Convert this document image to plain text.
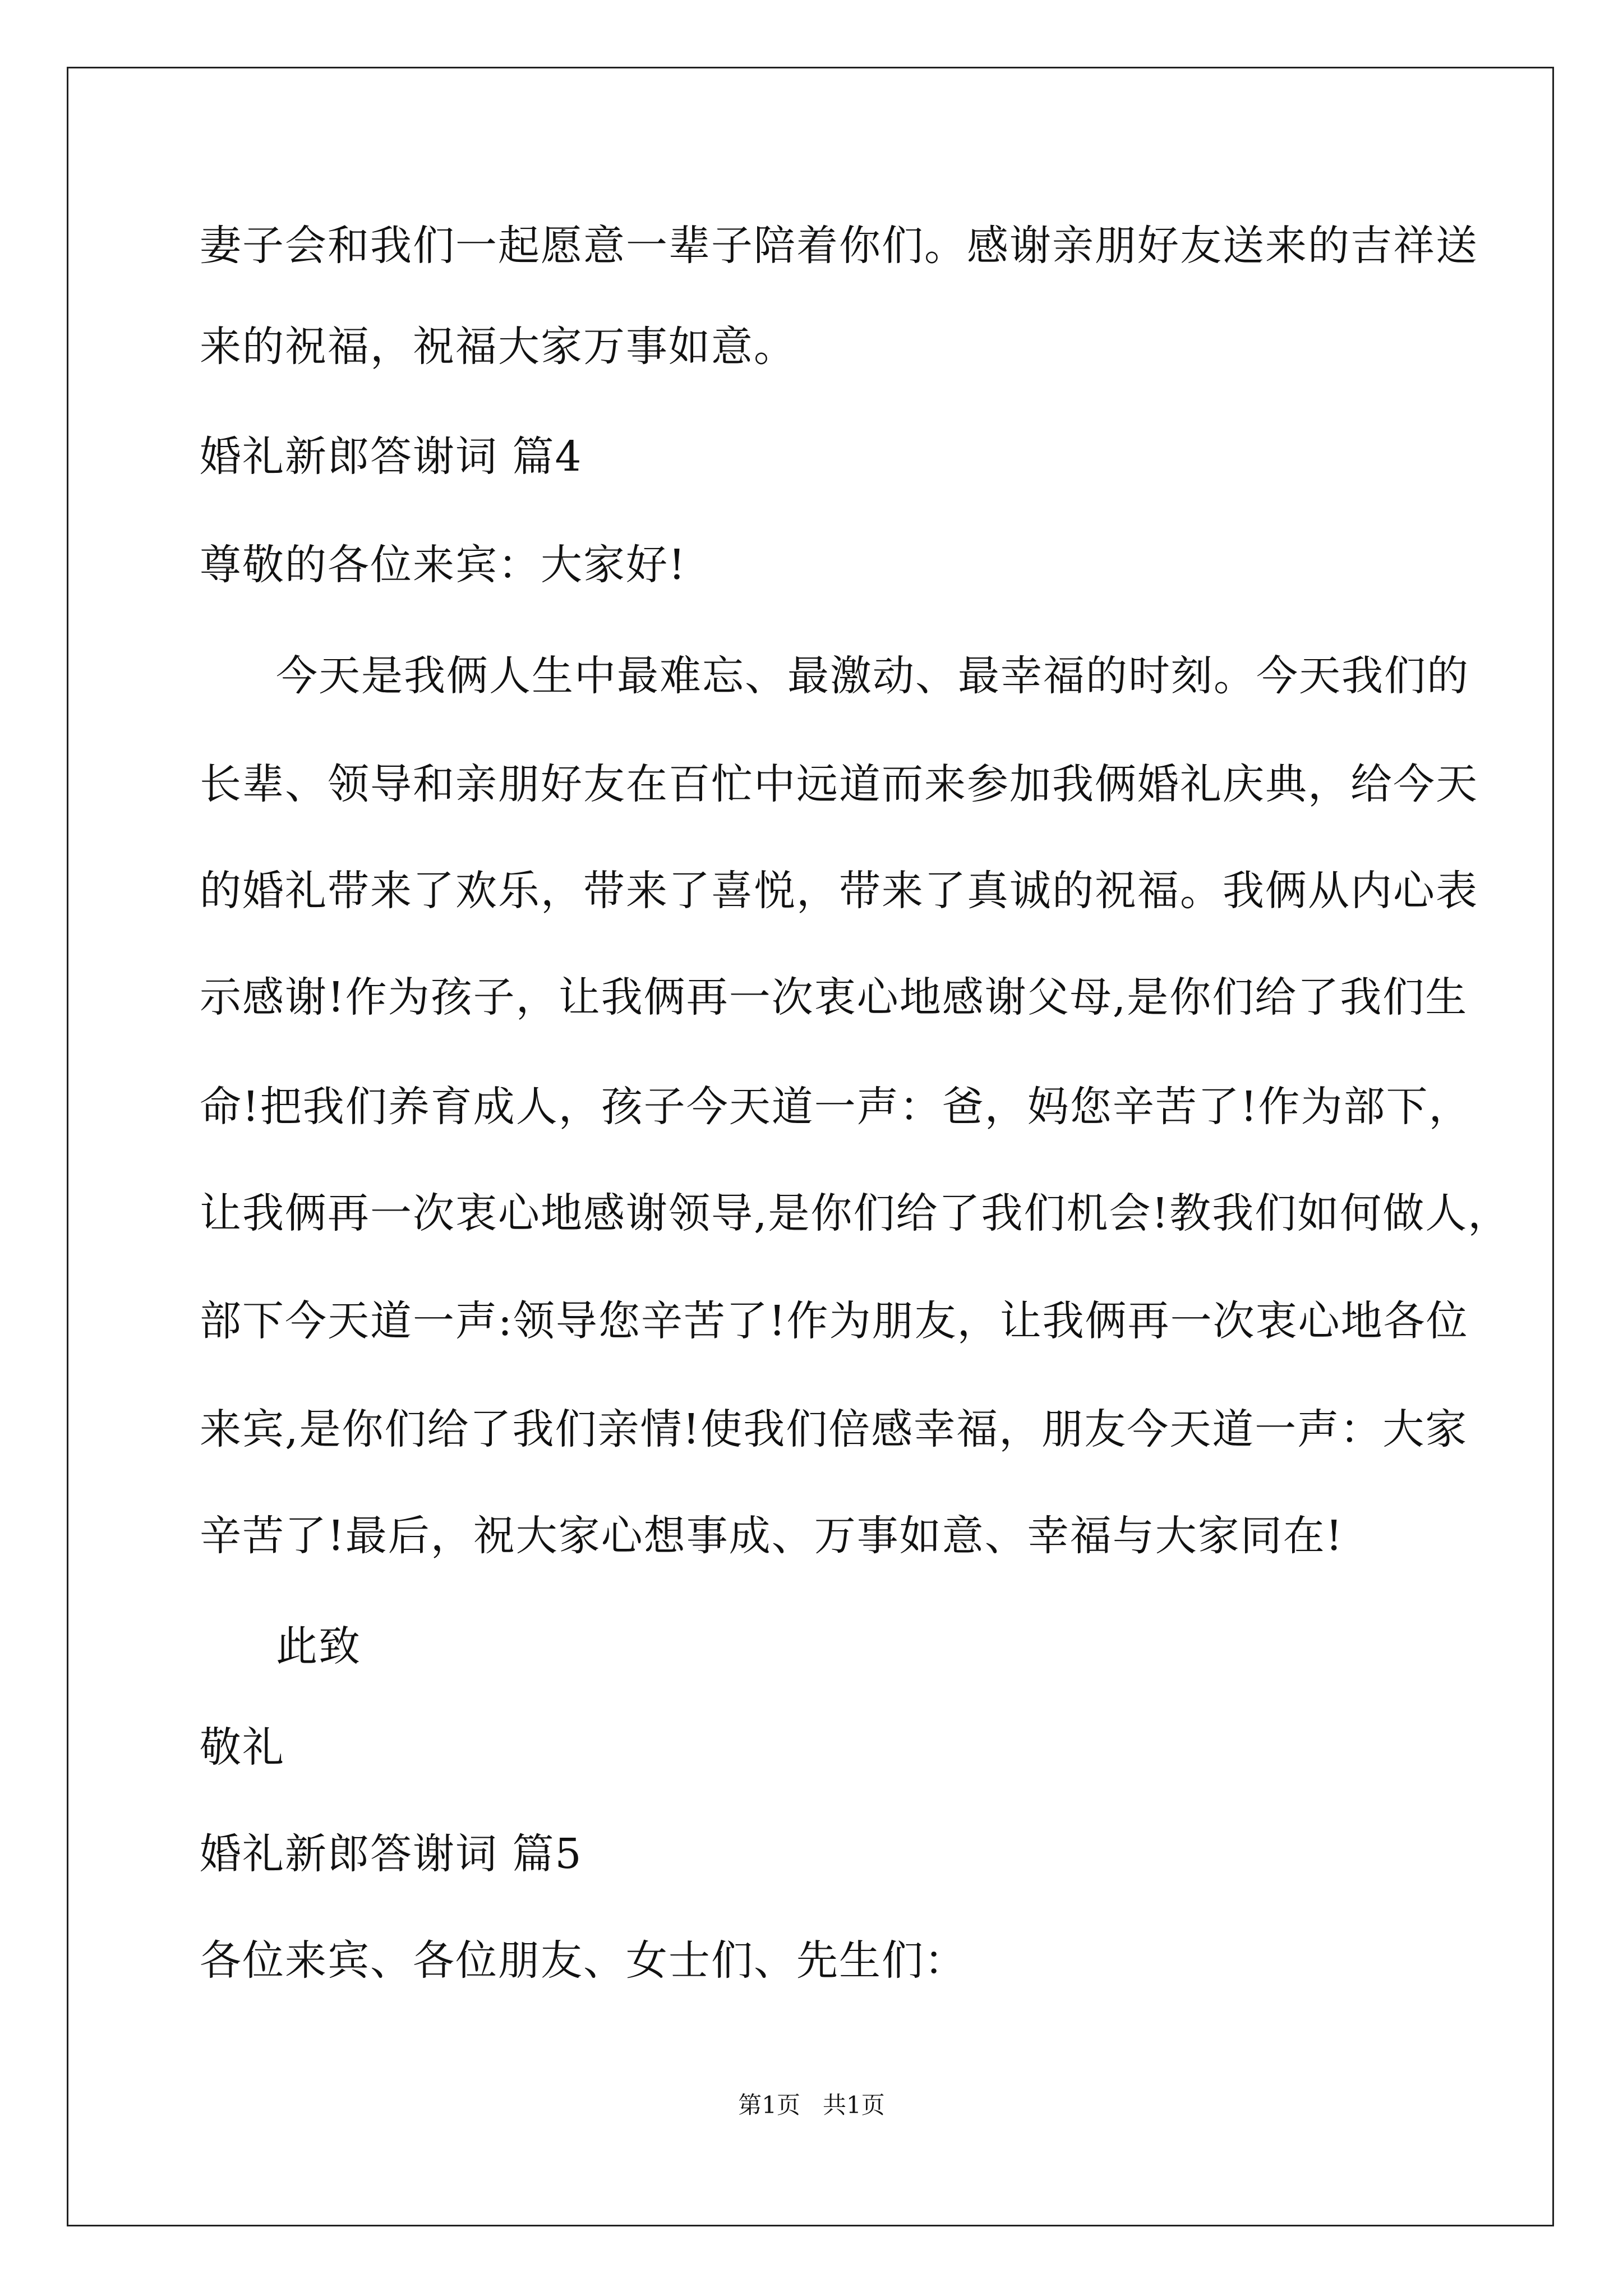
妻子会和我们一起愿意一辈子陪着你们。感谢亲朋好友送来的吉祥送
来的祝福，祝福大家万事如意。
婚礼新郎答谢词 篇4
尊敬的各位来宾：大家好!
今天是我俩人生中最难忘、最激动、最幸福的时刻。今天我们的
长辈、领导和亲朋好友在百忙中远道而来参加我俩婚礼庆典，给今天
的婚礼带来了欢乐，带来了喜悦，带来了真诚的祝福。我俩从内心表
示感谢!作为孩子，让我俩再一次衷心地感谢父母,是你们给了我们生
命!把我们养育成人，孩子今天道一声：爸，妈您辛苦了!作为部下，
让我俩再一次衷心地感谢领导,是你们给了我们机会!教我们如何做人，
部下今天道一声:领导您辛苦了!作为朋友，让我俩再一次衷心地各位
来宾,是你们给了我们亲情!使我们倍感幸福，朋友今天道一声：大家
辛苦了!最后，祝大家心想事成、万事如意、幸福与大家同在!
此致
敬礼
婚礼新郎答谢词 篇5
各位来宾、各位朋友、女士们、先生们：
第1页   共1页
